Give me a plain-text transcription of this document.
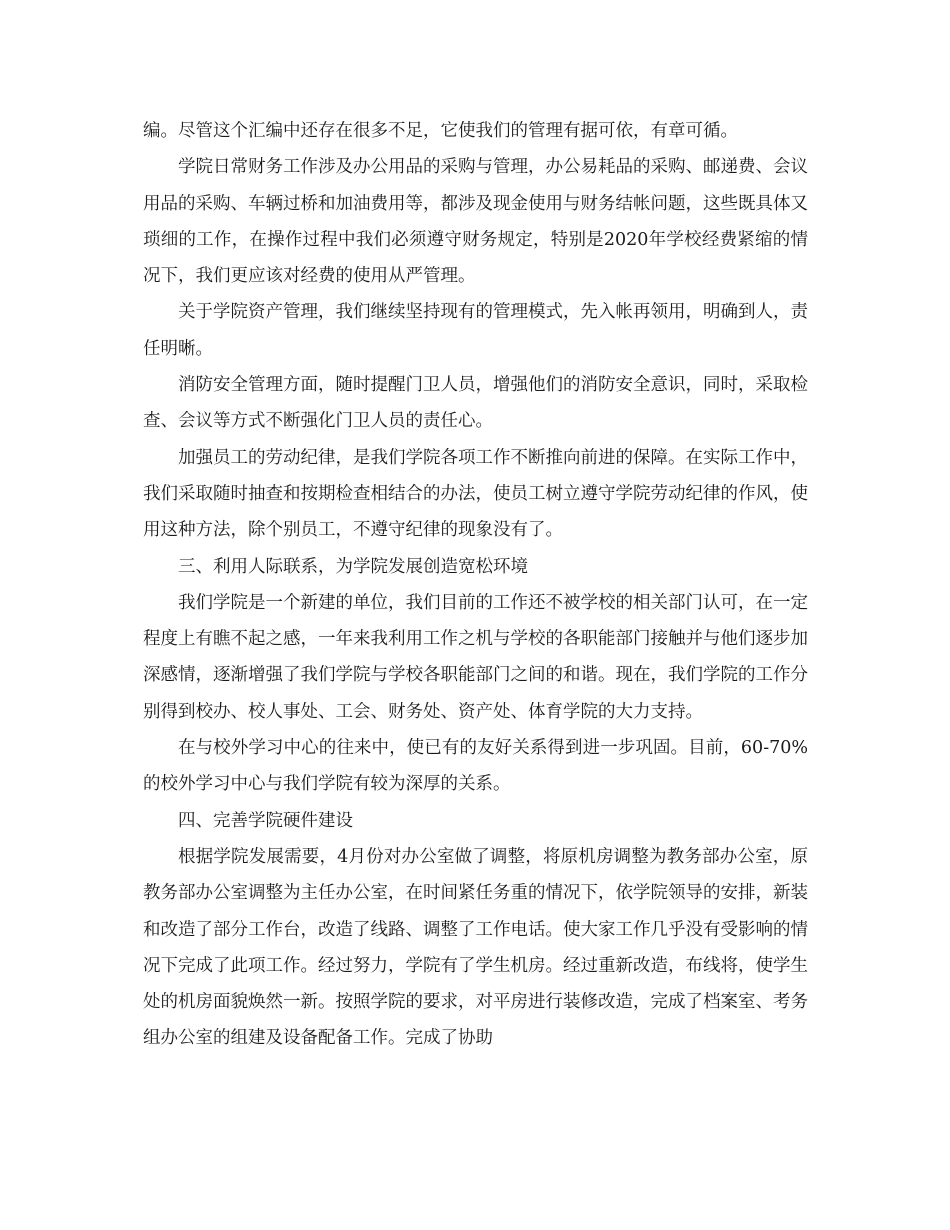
编。尽管这个汇编中还存在很多不足，它使我们的管理有据可依，有章可循。

学院日常财务工作涉及办公用品的采购与管理，办公易耗品的采购、邮递费、会议用品的采购、车辆过桥和加油费用等，都涉及现金使用与财务结帐问题，这些既具体又琐细的工作，在操作过程中我们必须遵守财务规定，特别是2020年学校经费紧缩的情况下，我们更应该对经费的使用从严管理。

关于学院资产管理，我们继续坚持现有的管理模式，先入帐再领用，明确到人，责任明晰。

消防安全管理方面，随时提醒门卫人员，增强他们的消防安全意识，同时，采取检查、会议等方式不断强化门卫人员的责任心。

加强员工的劳动纪律，是我们学院各项工作不断推向前进的保障。在实际工作中，我们采取随时抽查和按期检查相结合的办法，使员工树立遵守学院劳动纪律的作风，使用这种方法，除个别员工，不遵守纪律的现象没有了。

三、利用人际联系，为学院发展创造宽松环境

我们学院是一个新建的单位，我们目前的工作还不被学校的相关部门认可，在一定程度上有瞧不起之感，一年来我利用工作之机与学校的各职能部门接触并与他们逐步加深感情，逐渐增强了我们学院与学校各职能部门之间的和谐。现在，我们学院的工作分别得到校办、校人事处、工会、财务处、资产处、体育学院的大力支持。

在与校外学习中心的往来中，使已有的友好关系得到进一步巩固。目前，60-70%的校外学习中心与我们学院有较为深厚的关系。

四、完善学院硬件建设

根据学院发展需要，4月份对办公室做了调整，将原机房调整为教务部办公室，原教务部办公室调整为主任办公室，在时间紧任务重的情况下，依学院领导的安排，新装和改造了部分工作台，改造了线路、调整了工作电话。使大家工作几乎没有受影响的情况下完成了此项工作。经过努力，学院有了学生机房。经过重新改造，布线将，使学生处的机房面貌焕然一新。按照学院的要求，对平房进行装修改造，完成了档案室、考务组办公室的组建及设备配备工作。完成了协助
